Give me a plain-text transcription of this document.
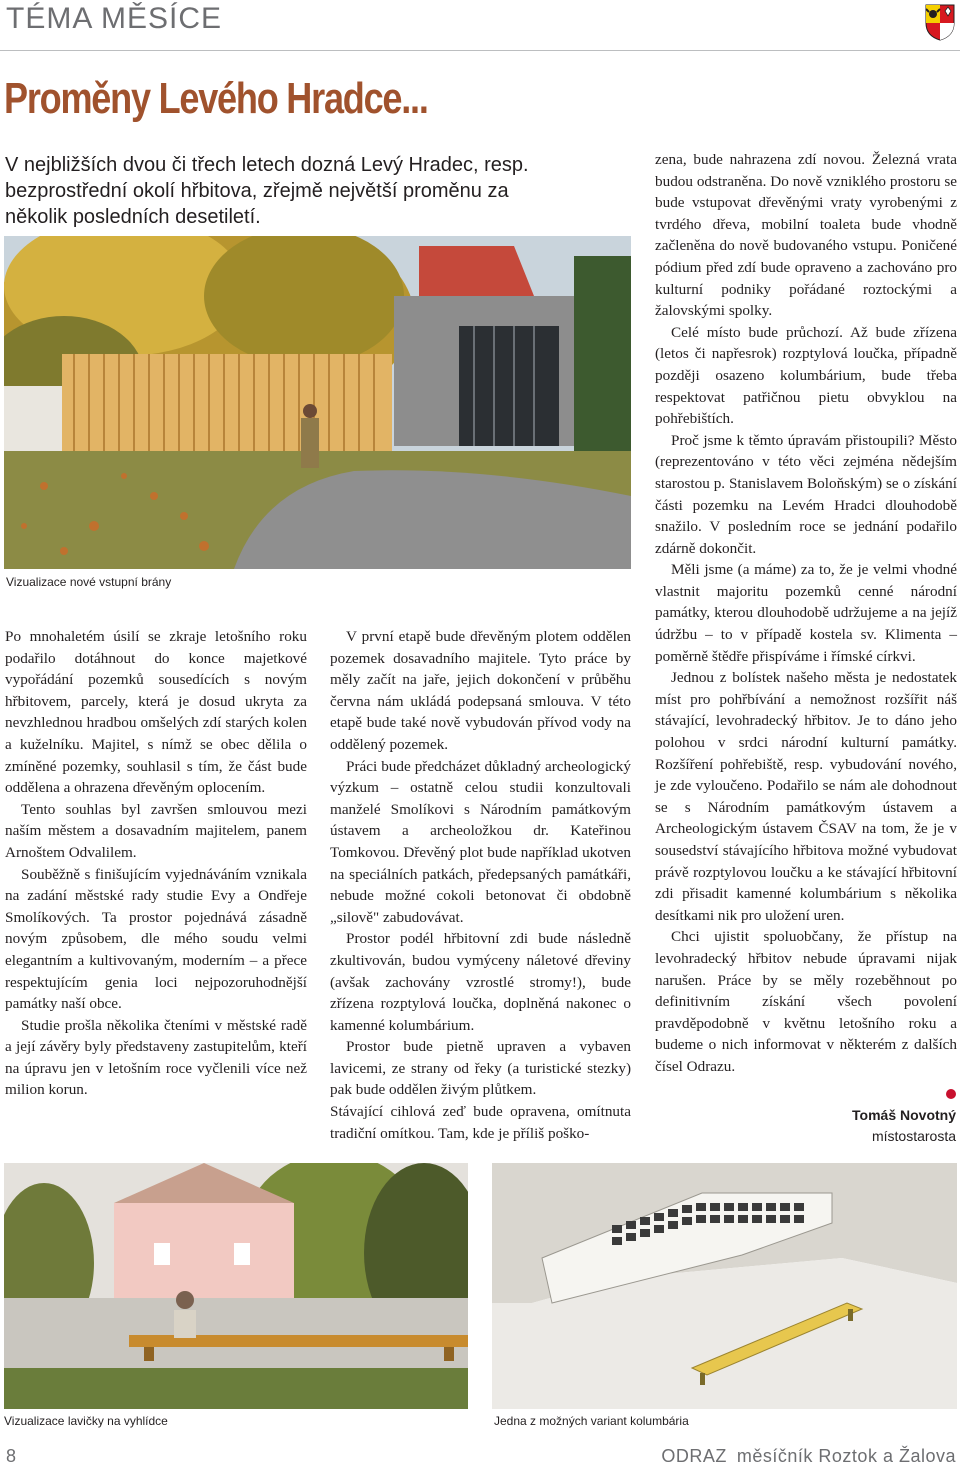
TÉMA MĚSÍCE
Proměny Levého Hradce...
V nejbližších dvou či třech letech dozná Levý Hradec, resp. bezprostřední okolí hřbitova, zřejmě největší proměnu za několik posledních desetiletí.
Vizualizace nové vstupní brány

Po mnohaletém úsilí se zkraje letošního roku podařilo dotáhnout do konce majetkové vypořádání pozemků sousedících s novým hřbitovem, parcely, která je dosud ukryta za nevzhlednou hradbou omšelých zdí starých kolen a kuželníku. Majitel, s nímž se obec dělila o zmíněné pozemky, souhlasil s tím, že část bude oddělena a ohrazena dřevěným oplocením.

Tento souhlas byl završen smlouvou mezi naším městem a dosavadním majitelem, panem Arnoštem Odvalilem.

Souběžně s finišujícím vyjednáváním vznikala na zadání městské rady studie Evy a Ondřeje Smolíkových. Ta prostor pojednává zásadně novým způsobem, dle mého soudu velmi elegantním a kultivovaným, moderním – a přece respektujícím genia loci nejpozoruhodnější památky naší obce.

Studie prošla několika čteními v městské radě a její závěry byly představeny zastupitelům, kteří na úpravu jen v letošním roce vyčlenili více než milion korun.

V první etapě bude dřevěným plotem oddělen pozemek dosavadního majitele. Tyto práce by měly začít na jaře, jejich dokončení v průběhu června nám ukládá podepsaná smlouva. V této etapě bude také nově vybudován přívod vody na oddělený pozemek.

Práci bude předcházet důkladný archeologický výzkum – ostatně celou studii konzultovali manželé Smolíkovi s Národním památkovým ústavem a archeoložkou dr. Kateřinou Tomkovou. Dřevěný plot bude například ukotven na speciálních patkách, předepsaných památkáři, nebude možné cokoli betonovat či obdobně „silově" zabudovávat.

Prostor podél hřbitovní zdi bude následně zkultivován, budou vymýceny náletové dřeviny (avšak zachovány vzrostlé stromy!), bude zřízena rozptylová loučka, doplněná nakonec o kamenné kolumbárium.

Prostor bude pietně upraven a vybaven lavicemi, ze strany od řeky (a turistické stezky) pak bude oddělen živým plůtkem.

Stávající cihlová zeď bude opravena, omítnuta tradiční omítkou. Tam, kde je příliš poško-

zena, bude nahrazena zdí novou. Železná vrata budou odstraněna. Do nově vzniklého prostoru se bude vstupovat dřevěnými vraty vyrobenými z tvrdého dřeva, mobilní toaleta bude vhodně začleněna do nově budovaného vstupu. Poničené pódium před zdí bude opraveno a zachováno pro kulturní podniky pořádané roztockými a žalovskými spolky.

Celé místo bude průchozí. Až bude zřízena (letos či napřesrok) rozptylová loučka, případně později osazeno kolumbárium, bude třeba respektovat patřičnou pietu obvyklou na pohřebištích.

Proč jsme k těmto úpravám přistoupili? Město (reprezentováno v této věci zejména nědejším starostou p. Stanislavem Boloňským) se o získání části pozemku na Levém Hradci dlouhodobě snažilo. V posledním roce se jednání podařilo zdárně dokončit.

Měli jsme (a máme) za to, že je velmi vhodné vlastnit majoritu pozemků cenné národní památky, kterou dlouhodobě udržujeme a na jejíž údržbu – to v případě kostela sv. Klimenta – poměrně štědře přispíváme i římské církvi.

Jednou z bolístek našeho města je nedostatek míst pro pohřbívání a nemožnost rozšířit náš stávající, levohradecký hřbitov. Je to dáno jeho polohou v srdci národní kulturní památky. Rozšíření pohřebiště, resp. vybudování nového, je zde vyloučeno. Podařilo se nám ale dohodnout se s Národním památkovým ústavem a Archeologickým ústavem ČSAV na tom, že je v sousedství stávajícího hřbitova možné vybudovat právě rozptylovou loučku a ke stávající hřbitovní zdi přisadit kamenné kolumbárium s několika desítkami nik pro uložení uren.

Chci ujistit spoluobčany, že přístup na levohradecký hřbitov nebude úpravami nijak narušen. Práce by se měly rozeběhnout po definitivním získání všech povolení pravděpodobně v květnu letošního roku a budeme o nich informovat v některém z dalších čísel Odrazu.

Tomáš Novotný
místostarosta
Vizualizace lavičky na vyhlídce	Jedna z možných variant kolumbária
8	ODRAZ měsíčník Roztok a Žalova
